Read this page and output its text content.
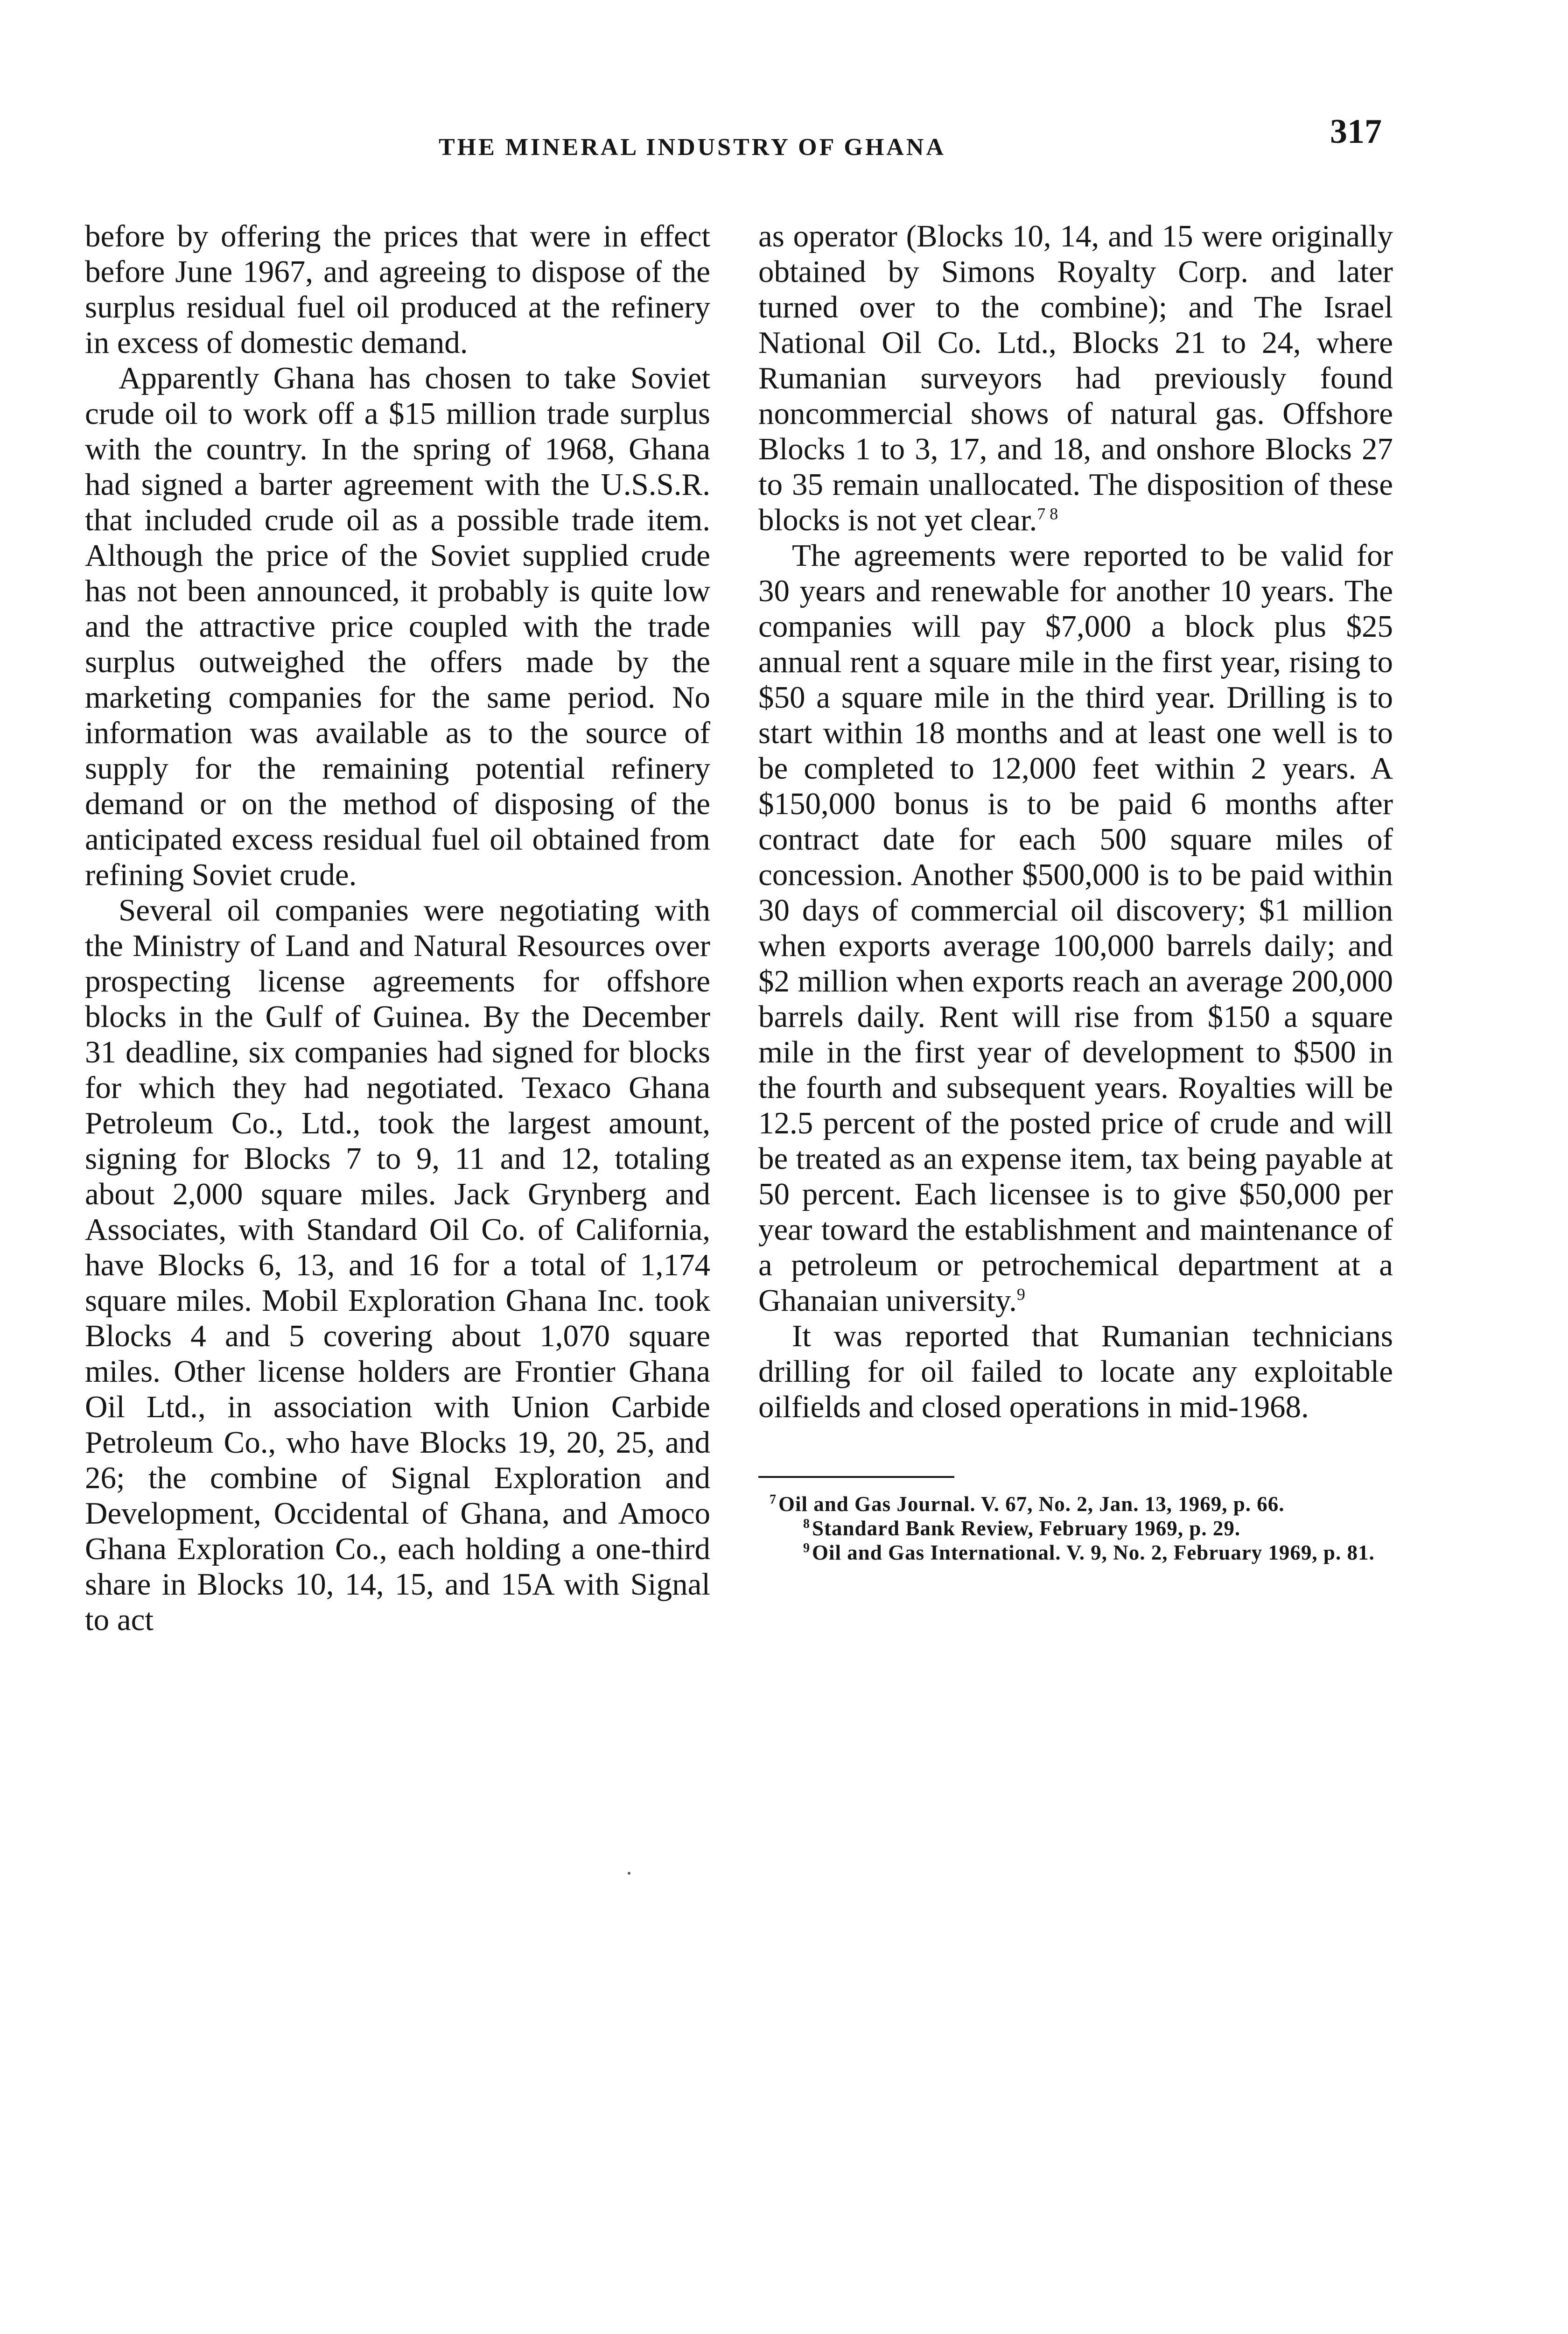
THE MINERAL INDUSTRY OF GHANA	317

before by offering the prices that were in effect before June 1967, and agreeing to dispose of the surplus residual fuel oil produced at the refinery in excess of domestic demand.

Apparently Ghana has chosen to take Soviet crude oil to work off a $15 million trade surplus with the country. In the spring of 1968, Ghana had signed a barter agreement with the U.S.S.R. that included crude oil as a possible trade item. Although the price of the Soviet supplied crude has not been announced, it probably is quite low and the attractive price coupled with the trade surplus outweighed the offers made by the marketing companies for the same period. No information was available as to the source of supply for the remaining potential refinery demand or on the method of disposing of the anticipated excess residual fuel oil obtained from refining Soviet crude.

Several oil companies were negotiating with the Ministry of Land and Natural Resources over prospecting license agreements for offshore blocks in the Gulf of Guinea. By the December 31 deadline, six companies had signed for blocks for which they had negotiated. Texaco Ghana Petroleum Co., Ltd., took the largest amount, signing for Blocks 7 to 9, 11 and 12, totaling about 2,000 square miles. Jack Grynberg and Associates, with Standard Oil Co. of California, have Blocks 6, 13, and 16 for a total of 1,174 square miles. Mobil Exploration Ghana Inc. took Blocks 4 and 5 covering about 1,070 square miles. Other license holders are Frontier Ghana Oil Ltd., in association with Union Carbide Petroleum Co., who have Blocks 19, 20, 25, and 26; the combine of Signal Exploration and Development, Occidental of Ghana, and Amoco Ghana Exploration Co., each holding a one-third share in Blocks 10, 14, 15, and 15A with Signal to act

as operator (Blocks 10, 14, and 15 were originally obtained by Simons Royalty Corp. and later turned over to the combine); and The Israel National Oil Co. Ltd., Blocks 21 to 24, where Rumanian surveyors had previously found noncommercial shows of natural gas. Offshore Blocks 1 to 3, 17, and 18, and onshore Blocks 27 to 35 remain unallocated. The disposition of these blocks is not yet clear.$^{7 8}$

The agreements were reported to be valid for 30 years and renewable for another 10 years. The companies will pay $7,000 a block plus $25 annual rent a square mile in the first year, rising to $50 a square mile in the third year. Drilling is to start within 18 months and at least one well is to be completed to 12,000 feet within 2 years. A $150,000 bonus is to be paid 6 months after contract date for each 500 square miles of concession. Another $500,000 is to be paid within 30 days of commercial oil discovery; $1 million when exports average 100,000 barrels daily; and $2 million when exports reach an average 200,000 barrels daily. Rent will rise from $150 a square mile in the first year of development to $500 in the fourth and subsequent years. Royalties will be 12.5 percent of the posted price of crude and will be treated as an expense item, tax being payable at 50 percent. Each licensee is to give $50,000 per year toward the establishment and maintenance of a petroleum or petrochemical department at a Ghanaian university.$^9$

It was reported that Rumanian technicians drilling for oil failed to locate any exploitable oilfields and closed operations in mid-1968.

$^7$Oil and Gas Journal. V. 67, No. 2, Jan. 13, 1969, p. 66.

$^8$Standard Bank Review, February 1969, p. 29.

$^9$Oil and Gas International. V. 9, No. 2, February 1969, p. 81.
